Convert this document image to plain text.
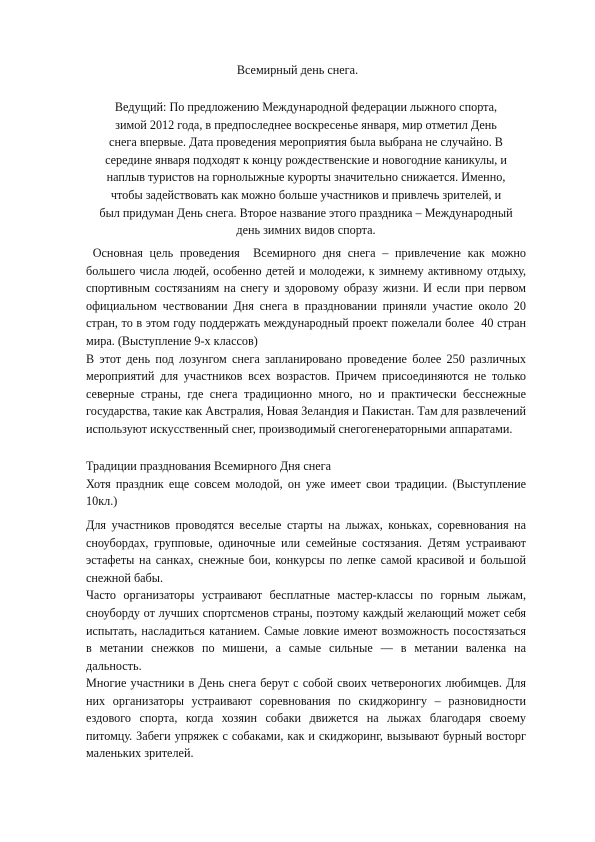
Всемирный день снега.

Ведущий: По предложению Международной федерации лыжного спорта,

зимой 2012 года, в предпоследнее воскресенье января, мир отметил День

снега впервые. Дата проведения мероприятия была выбрана не случайно. В

середине января подходят к концу рождественские и новогодние каникулы, и

наплыв туристов на горнолыжные курорты значительно снижается. Именно,

чтобы задействовать как можно больше участников и привлечь зрителей, и

был придуман День снега. Второе название этого праздника – Международный

день зимних видов спорта.

Основная цель проведения  Всемирного дня снега – привлечение как можно большего числа людей, особенно детей и молодежи, к зимнему активному отдыху, спортивным состязаниям на снегу и здоровому образу жизни. И если при первом официальном чествовании Дня снега в праздновании приняли участие около 20 стран, то в этом году поддержать международный проект пожелали более  40 стран мира. (Выступление 9-х классов)

В этот день под лозунгом снега запланировано проведение более 250 различных мероприятий для участников всех возрастов. Причем присоединяются не только северные страны, где снега традиционно много, но и практически бесснежные государства, такие как Австралия, Новая Зеландия и Пакистан. Там для развлечений используют искусственный снег, производимый снегогенераторными аппаратами.

Традиции празднования Всемирного Дня снега

Хотя праздник еще совсем молодой, он уже имеет свои традиции. (Выступление 10кл.)

Для участников проводятся веселые старты на лыжах, коньках, соревнования на сноубордах, групповые, одиночные или семейные состязания. Детям устраивают эстафеты на санках, снежные бои, конкурсы по лепке самой красивой и большой снежной бабы.

Часто организаторы устраивают бесплатные мастер-классы по горным лыжам, сноуборду от лучших спортсменов страны, поэтому каждый желающий может себя испытать, насладиться катанием. Самые ловкие имеют возможность посостязаться в метании снежков по мишени, а самые сильные — в метании валенка на дальность.

Многие участники в День снега берут с собой своих четвероногих любимцев. Для них организаторы устраивают соревнования по скиджорингу – разновидности ездового спорта, когда хозяин собаки движется на лыжах благодаря своему питомцу. Забеги упряжек с собаками, как и скиджоринг, вызывают бурный восторг маленьких зрителей.
